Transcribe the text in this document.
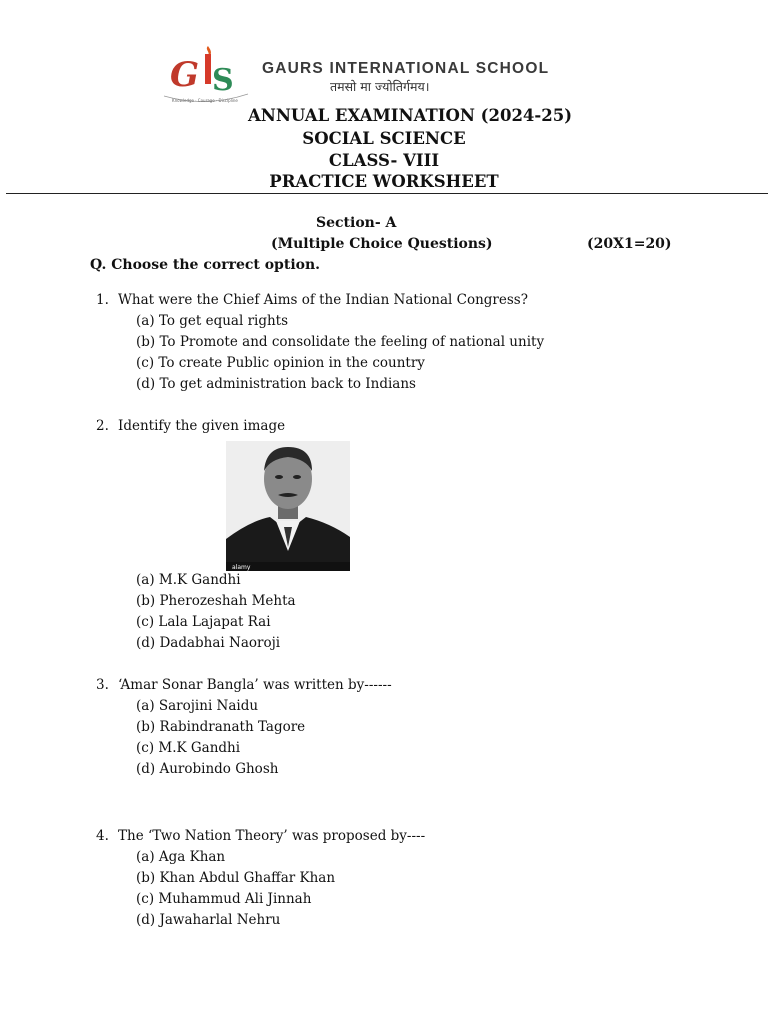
G S
Knowledge · Courage · Discipline
GAURS INTERNATIONAL SCHOOL
तमसो मा ज्योतिर्गमय।
ANNUAL EXAMINATION (2024-25)
SOCIAL SCIENCE
CLASS- VIII
PRACTICE WORKSHEET
Section- A
(Multiple Choice Questions)	(20X1=20)
Q. Choose the correct option.
1. What were the Chief Aims of the Indian National Congress?
(a) To get equal rights
(b) To Promote and consolidate the feeling of national unity
(c) To create Public opinion in the country
(d) To get administration back to Indians
2. Identify the given image
alamy
(a) M.K Gandhi
(b) Pherozeshah Mehta
(c) Lala Lajapat Rai
(d) Dadabhai Naoroji
3. ‘Amar Sonar Bangla’ was written by------
(a) Sarojini Naidu
(b) Rabindranath Tagore
(c) M.K Gandhi
(d) Aurobindo Ghosh
4. The ‘Two Nation Theory’ was proposed by----
(a) Aga Khan
(b) Khan Abdul Ghaffar Khan
(c) Muhammud Ali Jinnah
(d) Jawaharlal Nehru
